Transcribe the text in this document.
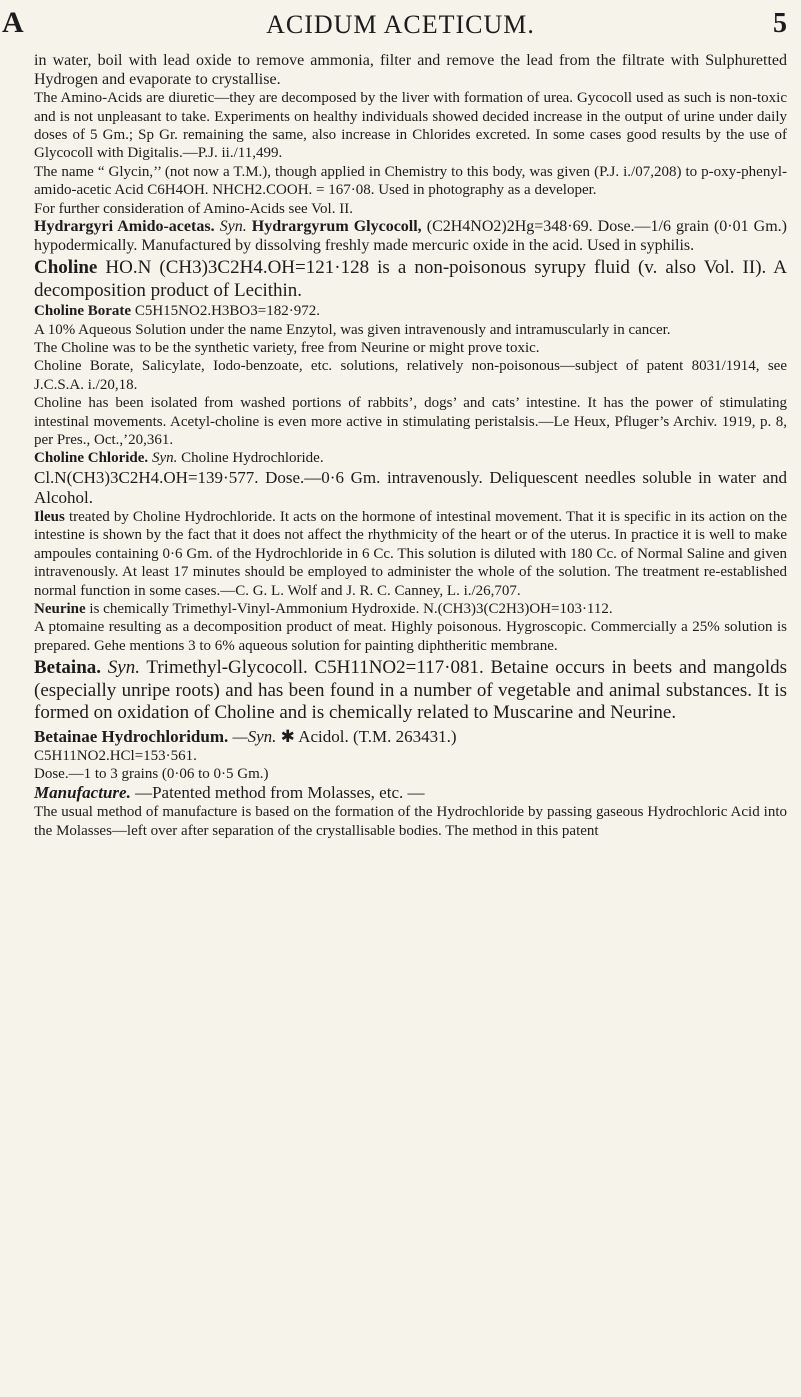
A	ACIDUM ACETICUM.	5

in water, boil with lead oxide to remove ammonia, filter and remove the lead from the filtrate with Sulphuretted Hydrogen and evaporate to crystallise.

The Amino-Acids are diuretic—they are decomposed by the liver with formation of urea. Gycocoll used as such is non-toxic and is not unpleasant to take. Experiments on healthy individuals showed decided increase in the output of urine under daily doses of 5 Gm.; Sp Gr. remaining the same, also increase in Chlorides excreted. In some cases good results by the use of Glycocoll with Digitalis.—P.J. ii./11,499.

The name “ Glycin,’’ (not now a T.M.), though applied in Chemistry to this body, was given (P.J. i./07,208) to p-oxy-phenyl-amido-acetic Acid C6H4OH. NHCH2.COOH. = 167·08. Used in photography as a developer.

For further consideration of Amino-Acids see Vol. II.

Hydrargyri Amido-acetas. Syn. Hydrargyrum Glycocoll, (C2H4NO2)2Hg=348·69. Dose.—1/6 grain (0·01 Gm.) hypodermically. Manufactured by dissolving freshly made mercuric oxide in the acid. Used in syphilis.

Choline HO.N (CH3)3C2H4.OH=121·128 is a non-poisonous syrupy fluid (v. also Vol. II). A decomposition product of Lecithin.

Choline Borate C5H15NO2.H3BO3=182·972.

A 10% Aqueous Solution under the name Enzytol, was given intravenously and intramuscularly in cancer.

The Choline was to be the synthetic variety, free from Neurine or might prove toxic.

Choline Borate, Salicylate, Iodo-benzoate, etc. solutions, relatively non-poisonous—subject of patent 8031/1914, see J.C.S.A. i./20,18.

Choline has been isolated from washed portions of rabbits’, dogs’ and cats’ intestine. It has the power of stimulating intestinal movements. Acetyl-choline is even more active in stimulating peristalsis.—Le Heux, Pfluger’s Archiv. 1919, p. 8, per Pres., Oct.,’20,361.

Choline Chloride. Syn. Choline Hydrochloride.

Cl.N(CH3)3C2H4.OH=139·577. Dose.—0·6 Gm. intravenously. Deliquescent needles soluble in water and Alcohol.

Ileus treated by Choline Hydrochloride. It acts on the hormone of intestinal movement. That it is specific in its action on the intestine is shown by the fact that it does not affect the rhythmicity of the heart or of the uterus. In practice it is well to make ampoules containing 0·6 Gm. of the Hydrochloride in 6 Cc. This solution is diluted with 180 Cc. of Normal Saline and given intravenously. At least 17 minutes should be employed to administer the whole of the solution. The treatment re-established normal function in some cases.—C. G. L. Wolf and J. R. C. Canney, L. i./26,707.

Neurine is chemically Trimethyl-Vinyl-Ammonium Hydroxide. N.(CH3)3(C2H3)OH=103·112.

A ptomaine resulting as a decomposition product of meat. Highly poisonous. Hygroscopic. Commercially a 25% solution is prepared. Gehe mentions 3 to 6% aqueous solution for painting diphtheritic membrane.

Betaina. Syn. Trimethyl-Glycocoll. C5H11NO2=117·081. Betaine occurs in beets and mangolds (especially unripe roots) and has been found in a number of vegetable and animal substances. It is formed on oxidation of Choline and is chemically related to Muscarine and Neurine.

Betainae Hydrochloridum. —Syn. ✱ Acidol. (T.M. 263431.)

C5H11NO2.HCl=153·561.

Dose.—1 to 3 grains (0·06 to 0·5 Gm.)

Manufacture. —Patented method from Molasses, etc. —

The usual method of manufacture is based on the formation of the Hydrochloride by passing gaseous Hydrochloric Acid into the Molasses—left over after separation of the crystallisable bodies. The method in this patent
